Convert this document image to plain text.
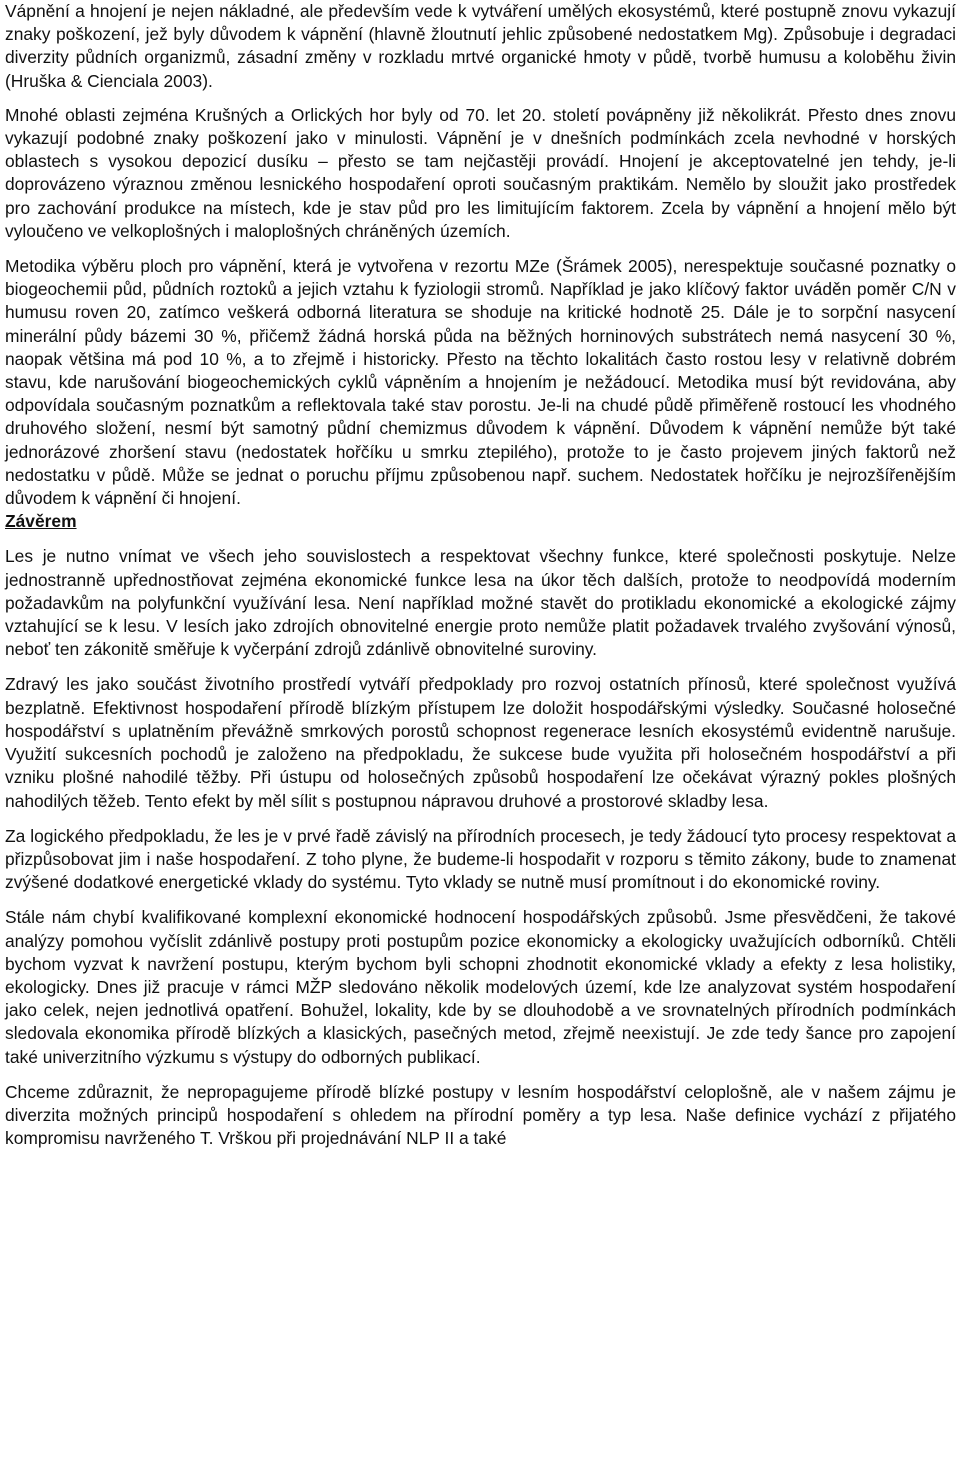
Vápnění a hnojení je nejen nákladné, ale především vede k vytváření umělých ekosystémů, které postupně znovu vykazují znaky poškození, jež byly důvodem k vápnění (hlavně žloutnutí jehlic způsobené nedostatkem Mg). Způsobuje i degradaci diverzity půdních organizmů, zásadní změny v rozkladu mrtvé organické hmoty v půdě, tvorbě humusu a koloběhu živin (Hruška & Cienciala 2003).

Mnohé oblasti zejména Krušných a Orlických hor byly od 70. let 20. století povápněny již několikrát. Přesto dnes znovu vykazují podobné znaky poškození jako v minulosti. Vápnění je v dnešních podmínkách zcela nevhodné v horských oblastech s vysokou depozicí dusíku – přesto se tam nejčastěji provádí. Hnojení je akceptovatelné jen tehdy, je-li doprovázeno výraznou změnou lesnického hospodaření oproti současným praktikám. Nemělo by sloužit jako prostředek pro zachování produkce na místech, kde je stav půd pro les limitujícím faktorem. Zcela by vápnění a hnojení mělo být vyloučeno ve velkoplošných i maloplošných chráněných územích.

Metodika výběru ploch pro vápnění, která je vytvořena v rezortu MZe (Šrámek 2005), nerespektuje současné poznatky o biogeochemii půd, půdních roztoků a jejich vztahu k fyziologii stromů. Například je jako klíčový faktor uváděn poměr C/N v humusu roven 20, zatímco veškerá odborná literatura se shoduje na kritické hodnotě 25. Dále je to sorpční nasycení minerální půdy bázemi 30 %, přičemž žádná horská půda na běžných horninových substrátech nemá nasycení 30 %, naopak většina má pod 10 %, a to zřejmě i historicky. Přesto na těchto lokalitách často rostou lesy v relativně dobrém stavu, kde narušování biogeochemických cyklů vápněním a hnojením je nežádoucí. Metodika musí být revidována, aby odpovídala současným poznatkům a reflektovala také stav porostu. Je-li na chudé půdě přiměřeně rostoucí les vhodného druhového složení, nesmí být samotný půdní chemizmus důvodem k vápnění. Důvodem k vápnění nemůže být také jednorázové zhoršení stavu (nedostatek hořčíku u smrku ztepilého), protože to je často projevem jiných faktorů než nedostatku v půdě. Může se jednat o poruchu příjmu způsobenou např. suchem. Nedostatek hořčíku je nejrozšířenějším důvodem k vápnění či hnojení.

Závěrem

Les je nutno vnímat ve všech jeho souvislostech a respektovat všechny funkce, které společnosti poskytuje. Nelze jednostranně upřednostňovat zejména ekonomické funkce lesa na úkor těch dalších, protože to neodpovídá moderním požadavkům na polyfunkční využívání lesa. Není například možné stavět do protikladu ekonomické a ekologické zájmy vztahující se k lesu. V lesích jako zdrojích obnovitelné energie proto nemůže platit požadavek trvalého zvyšování výnosů, neboť ten zákonitě směřuje k vyčerpání zdrojů zdánlivě obnovitelné suroviny.

Zdravý les jako součást životního prostředí vytváří předpoklady pro rozvoj ostatních přínosů, které společnost využívá bezplatně. Efektivnost hospodaření přírodě blízkým přístupem lze doložit hospodářskými výsledky. Současné holosečné hospodářství s uplatněním převážně smrkových porostů schopnost regenerace lesních ekosystémů evidentně narušuje. Využití sukcesních pochodů je založeno na předpokladu, že sukcese bude využita při holosečném hospodářství a při vzniku plošné nahodilé těžby. Při ústupu od holosečných způsobů hospodaření lze očekávat výrazný pokles plošných nahodilých těžeb. Tento efekt by měl sílit s postupnou nápravou druhové a prostorové skladby lesa.

Za logického předpokladu, že les je v prvé řadě závislý na přírodních procesech, je tedy žádoucí tyto procesy respektovat a přizpůsobovat jim i naše hospodaření. Z toho plyne, že budeme-li hospodařit v rozporu s těmito zákony, bude to znamenat zvýšené dodatkové energetické vklady do systému. Tyto vklady se nutně musí promítnout i do ekonomické roviny.

Stále nám chybí kvalifikované komplexní ekonomické hodnocení hospodářských způsobů. Jsme přesvědčeni, že takové analýzy pomohou vyčíslit zdánlivě postupy proti postupům pozice ekonomicky a ekologicky uvažujících odborníků. Chtěli bychom vyzvat k navržení postupu, kterým bychom byli schopni zhodnotit ekonomické vklady a efekty z lesa holistiky, ekologicky. Dnes již pracuje v rámci MŽP sledováno několik modelových území, kde lze analyzovat systém hospodaření jako celek, nejen jednotlivá opatření. Bohužel, lokality, kde by se dlouhodobě a ve srovnatelných přírodních podmínkách sledovala ekonomika přírodě blízkých a klasických, pasečných metod, zřejmě neexistují. Je zde tedy šance pro zapojení také univerzitního výzkumu s výstupy do odborných publikací.

Chceme zdůraznit, že nepropagujeme přírodě blízké postupy v lesním hospodářství celoplošně, ale v našem zájmu je diverzita možných principů hospodaření s ohledem na přírodní poměry a typ lesa. Naše definice vychází z přijatého kompromisu navrženého T. Vrškou při projednávání NLP II a také
